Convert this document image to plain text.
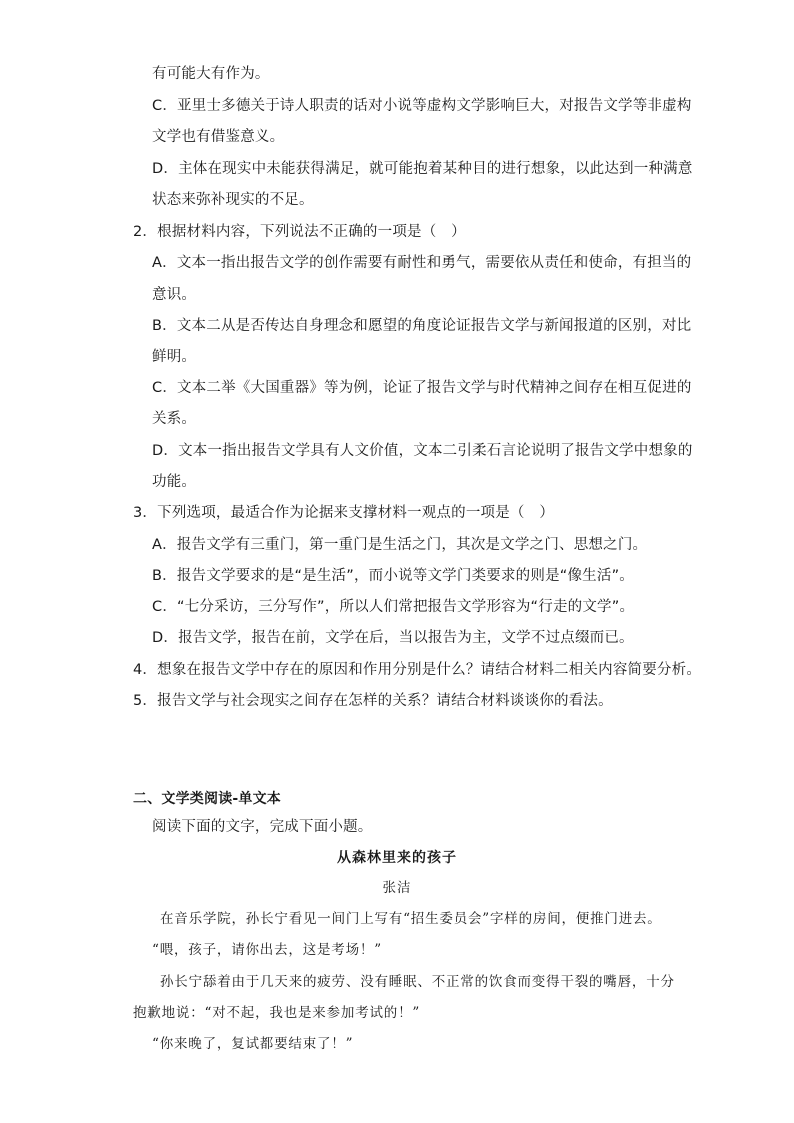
有可能大有作为。
C．亚里士多德关于诗人职责的话对小说等虚构文学影响巨大，对报告文学等非虚构
文学也有借鉴意义。
D．主体在现实中未能获得满足，就可能抱着某种目的进行想象，以此达到一种满意
状态来弥补现实的不足。
2．根据材料内容，下列说法不正确的一项是（　）
A．文本一指出报告文学的创作需要有耐性和勇气，需要依从责任和使命，有担当的
意识。
B．文本二从是否传达自身理念和愿望的角度论证报告文学与新闻报道的区别，对比
鲜明。
C．文本二举《大国重器》等为例，论证了报告文学与时代精神之间存在相互促进的
关系。
D．文本一指出报告文学具有人文价值，文本二引柔石言论说明了报告文学中想象的
功能。
3．下列选项，最适合作为论据来支撑材料一观点的一项是（　）
A．报告文学有三重门，第一重门是生活之门，其次是文学之门、思想之门。
B．报告文学要求的是“是生活”，而小说等文学门类要求的则是“像生活”。
C．“七分采访，三分写作”，所以人们常把报告文学形容为“行走的文学”。
D．报告文学，报告在前，文学在后，当以报告为主，文学不过点缀而已。
4．想象在报告文学中存在的原因和作用分别是什么？请结合材料二相关内容简要分析。
5．报告文学与社会现实之间存在怎样的关系？请结合材料谈谈你的看法。
二、文学类阅读-单文本
阅读下面的文字，完成下面小题。
从森林里来的孩子
张洁
在音乐学院，孙长宁看见一间门上写有“招生委员会”字样的房间，便推门进去。
“喂，孩子，请你出去，这是考场！”
孙长宁舔着由于几天来的疲劳、没有睡眠、不正常的饮食而变得干裂的嘴唇，十分
抱歉地说：“对不起，我也是来参加考试的！”
“你来晚了，复试都要结束了！”
